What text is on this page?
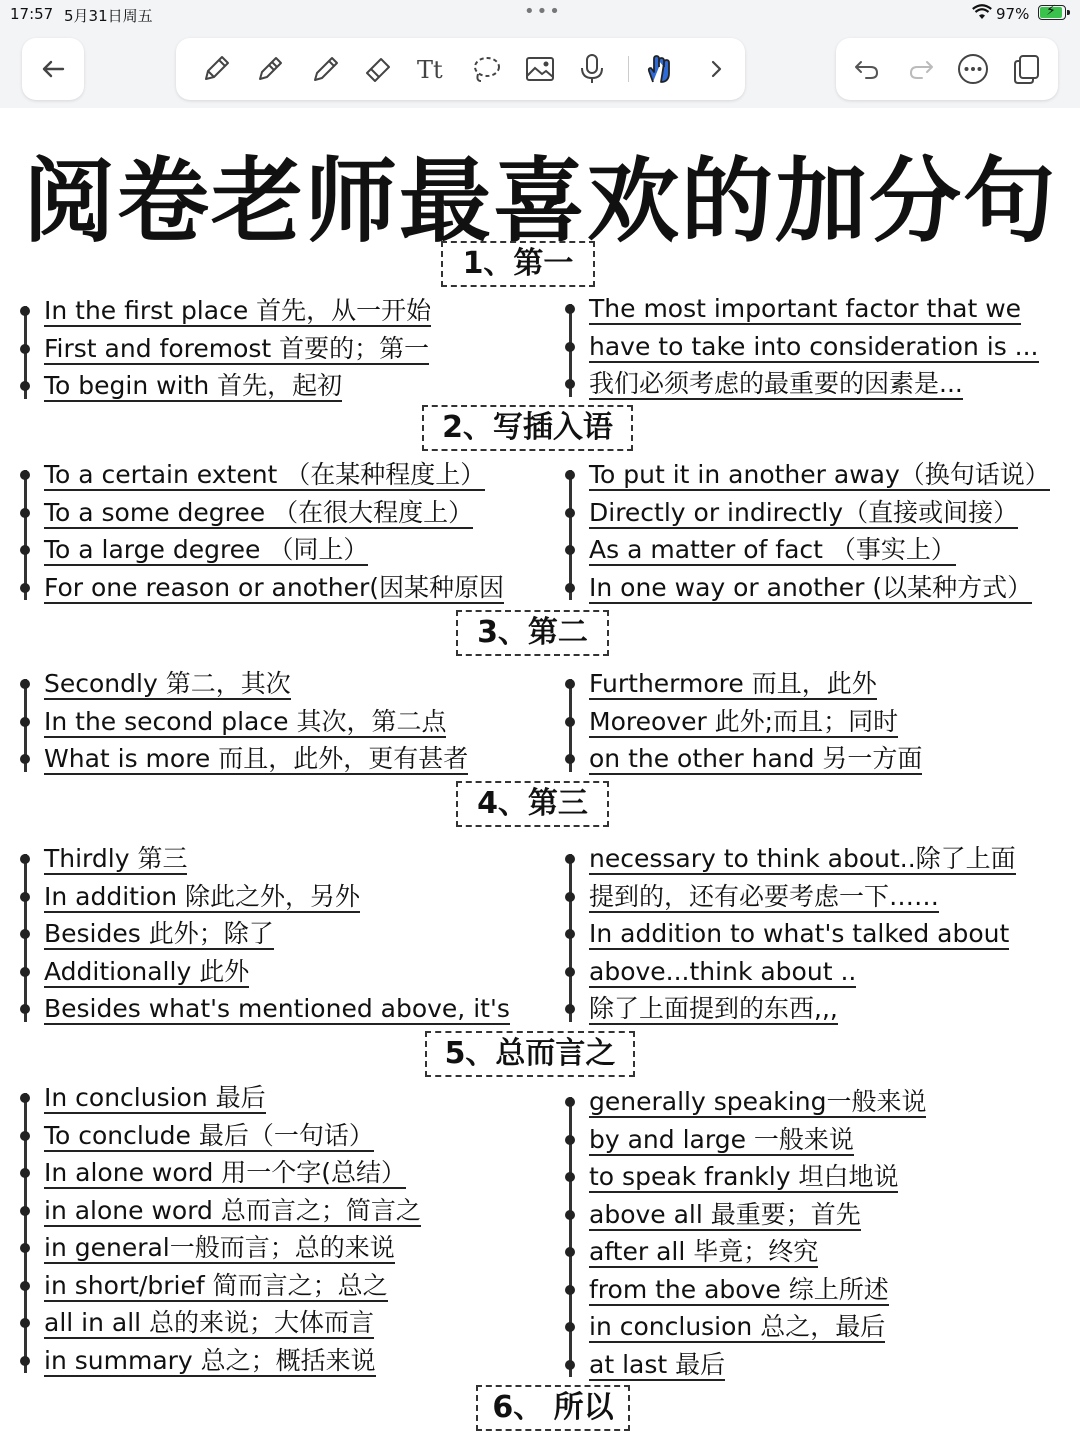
17:57 5月31日周五	•••	97% ⚡
Tt
阅卷老师最喜欢的加分句
1、第一
In the first place 首先，从一开始
First and foremost 首要的；第一
To begin with 首先，起初
The most important factor that we
have to take into consideration is ...
我们必须考虑的最重要的因素是...
2、写插入语
To a certain extent （在某种程度上）
To a some degree （在很大程度上）
To a large degree （同上）
For one reason or another(因某种原因
To put it in another away（换句话说）
Directly or indirectly（直接或间接）
As a matter of fact （事实上）
In one way or another (以某种方式）
3、第二
Secondly 第二，其次
In the second place 其次，第二点
What is more 而且，此外，更有甚者
Furthermore 而且，此外
Moreover 此外;而且；同时
on the other hand 另一方面
4、第三
Thirdly 第三
In addition 除此之外，另外
Besides 此外；除了
Additionally 此外
Besides what's mentioned above, it's
necessary to think about..除了上面
提到的，还有必要考虑一下……
In addition to what's talked about
above...think about ..
除了上面提到的东西,,,
5、总而言之
In conclusion 最后
To conclude 最后（一句话）
In alone word 用一个字(总结）
in alone word 总而言之；简言之
in general一般而言；总的来说
in short/brief 简而言之；总之
all in all 总的来说；大体而言
in summary 总之；概括来说
generally speaking一般来说
by and large 一般来说
to speak frankly 坦白地说
above all 最重要；首先
after all 毕竟；终究
from the above 综上所述
in conclusion 总之，最后
at last 最后
6、 所以
